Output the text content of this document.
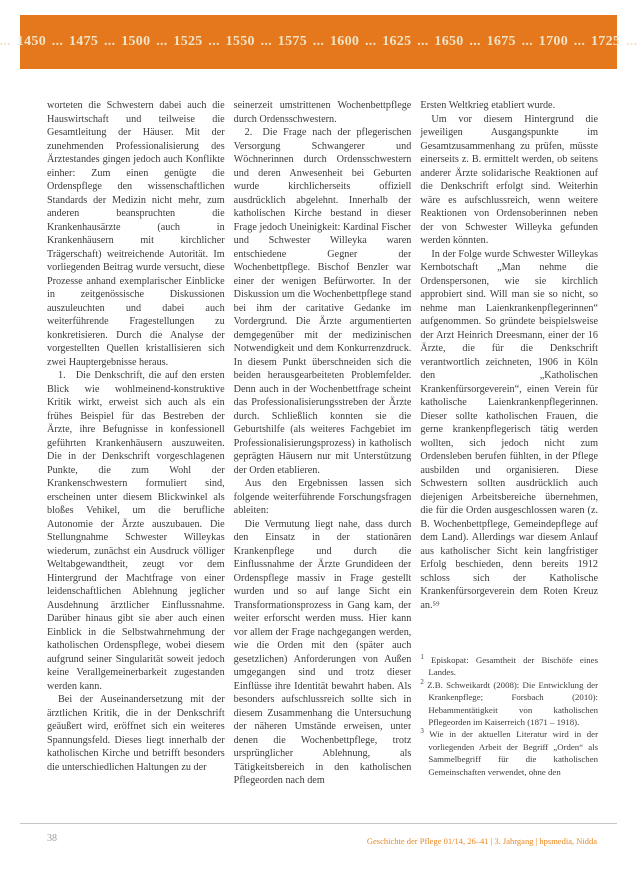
... 1450 ... 1475 ... 1500 ... 1525 ... 1550 ... 1575 ... 1600 ... 1625 ... 1650 ... 1675 ... 1700 ... 1725 ...

worteten die Schwestern dabei auch die Hauswirtschaft und teilweise die Gesamtleitung der Häuser. Mit der zunehmenden Professionalisierung des Ärztestandes gingen jedoch auch Konflikte einher: Zum einen genügte die Ordenspflege den wissenschaftlichen Standards der Medizin nicht mehr, zum anderen beanspruchten die Krankenhausärzte (auch in Krankenhäusern mit kirchlicher Trägerschaft) weitreichende Autorität. Im vorliegenden Beitrag wurde versucht, diese Prozesse anhand exemplarischer Einblicke in zeitgenössische Diskussionen auszuleuchten und dabei auch weiterführende Fragestellungen zu konkretisieren. Durch die Analyse der vorgestellten Quellen kristallisieren sich zwei Hauptergebnisse heraus.

1. Die Denkschrift, die auf den ersten Blick wie wohlmeinend-konstruktive Kritik wirkt, erweist sich auch als ein frühes Beispiel für das Bestreben der Ärzte, ihre Befugnisse in konfessionell geführten Krankenhäusern auszuweiten. Die in der Denkschrift vorgeschlagenen Punkte, die zum Wohl der Krankenschwestern formuliert sind, erscheinen unter diesem Blickwinkel als bloßes Vehikel, um die berufliche Autonomie der Ärzte auszubauen. Die Stellungnahme Schwester Willeykas wiederum, zunächst ein Ausdruck völliger Weltabgewandtheit, zeugt vor dem Hintergrund der Machtfrage von einer leidenschaftlichen Ablehnung jeglicher Ausdehnung ärztlicher Einflussnahme. Darüber hinaus gibt sie aber auch einen Einblick in die Selbstwahrnehmung der katholischen Ordenspflege, wobei diesem aufgrund seiner Singularität soweit jedoch keine Verallgemeinerbarkeit zugestanden werden kann.

Bei der Auseinandersetzung mit der ärztlichen Kritik, die in der Denkschrift geäußert wird, eröffnet sich ein weiteres Spannungsfeld. Dieses liegt innerhalb der katholischen Kirche und betrifft besonders die unterschiedlichen Haltungen zu der

seinerzeit umstrittenen Wochenbettpflege durch Ordensschwestern.

2. Die Frage nach der pflegerischen Versorgung Schwangerer und Wöchnerinnen durch Ordensschwestern und deren Anwesenheit bei Geburten wurde kirchlicherseits offiziell ausdrücklich abgelehnt. Innerhalb der katholischen Kirche bestand in dieser Frage jedoch Uneinigkeit: Kardinal Fischer und Schwester Willeyka waren entschiedene Gegner der Wochenbettpflege. Bischof Benzler war einer der wenigen Befürworter. In der Diskussion um die Wochenbettpflege stand bei ihm der caritative Gedanke im Vordergrund. Die Ärzte argumentierten demgegenüber mit der medizinischen Notwendigkeit und dem Konkurrenzdruck. In diesem Punkt überschneiden sich die beiden herausgearbeiteten Problemfelder. Denn auch in der Wochenbettfrage scheint das Professionalisierungsstreben der Ärzte durch. Schließlich konnten sie die Geburtshilfe (als weiteres Fachgebiet im Professionalisierungsprozess) in katholisch geprägten Häusern nur mit Unterstützung der Orden etablieren.

Aus den Ergebnissen lassen sich folgende weiterführende Forschungsfragen ableiten:

Die Vermutung liegt nahe, dass durch den Einsatz in der stationären Krankenpflege und durch die Einflussnahme der Ärzte Grundideen der Ordenspflege massiv in Frage gestellt wurden und so auf lange Sicht ein Transformationsprozess in Gang kam, der weiter erforscht werden muss. Hier kann vor allem der Frage nachgegangen werden, wie die Orden mit den (später auch gesetzlichen) Anforderungen von Außen umgegangen sind und trotz dieser Einflüsse ihre Identität bewahrt haben. Als besonders aufschlussreich sollte sich in diesem Zusammenhang die Untersuchung der näheren Umstände erweisen, unter denen die Wochenbettpflege, trotz ursprünglicher Ablehnung, als Tätigkeitsbereich in den katholischen Pflegeorden nach dem

Ersten Weltkrieg etabliert wurde.

Um vor diesem Hintergrund die jeweiligen Ausgangspunkte im Gesamtzusammenhang zu prüfen, müsste einerseits z. B. ermittelt werden, ob seitens anderer Ärzte solidarische Reaktionen auf die Denkschrift erfolgt sind. Weiterhin wäre es aufschlussreich, wenn weitere Reaktionen von Ordensoberinnen neben der von Schwester Willeyka gefunden werden könnten.

In der Folge wurde Schwester Willeykas Kernbotschaft „Man nehme die Ordenspersonen, wie sie kirchlich approbiert sind. Will man sie so nicht, so nehme man Laienkrankenpflegerinnen“ aufgenommen. So gründete beispielsweise der Arzt Heinrich Dreesmann, einer der 16 Ärzte, die für die Denkschrift verantwortlich zeichneten, 1906 in Köln den „Katholischen Krankenfürsorgeverein“, einen Verein für katholische Laienkrankenpflegerinnen. Dieser sollte katholischen Frauen, die gerne krankenpflegerisch tätig werden wollten, sich jedoch nicht zum Ordensleben berufen fühlten, in der Pflege ausbilden und organisieren. Diese Schwestern sollten ausdrücklich auch diejenigen Arbeitsbereiche übernehmen, die für die Orden ausgeschlossen waren (z. B. Wochenbettpflege, Gemeindepflege auf dem Land). Allerdings war diesem Anlauf aus katholischer Sicht kein langfristiger Erfolg beschieden, denn bereits 1912 schloss sich der Katholische Krankenfürsorgeverein dem Roten Kreuz an.⁵⁹

$^1$ Episkopat: Gesamtheit der Bischöfe eines Landes.

$^2$ Z.B. Schweikardt (2008): Die Entwicklung der Krankenpflege; Forsbach (2010): Hebammentätigkeit von katholischen Pflegeorden im Kaiserreich (1871 – 1918).

$^3$ Wie in der aktuellen Literatur wird in der vorliegenden Arbeit der Begriff „Orden“ als Sammelbegriff für die katholischen Gemeinschaften verwendet, ohne den

38	Geschichte der Pflege 01/14, 26–41 | 3. Jahrgang | hpsmedia, Nidda
